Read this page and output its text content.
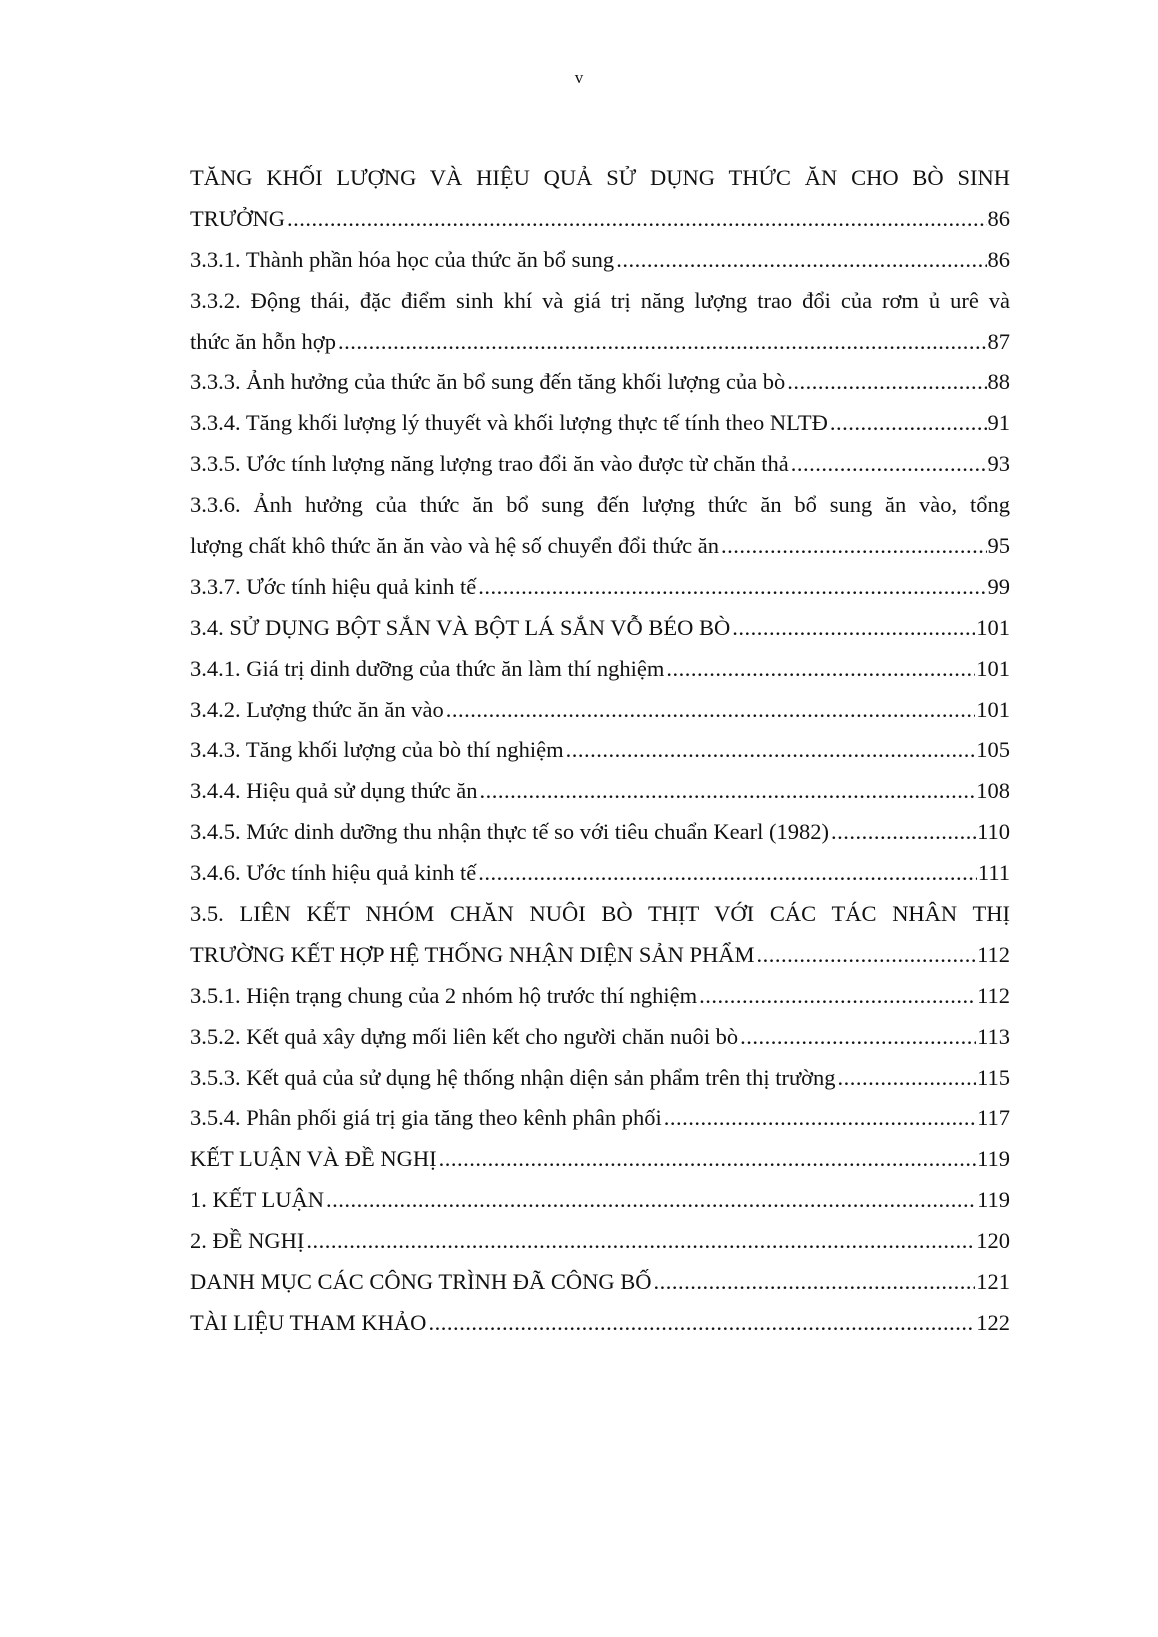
v
TĂNG KHỐI LƯỢNG VÀ HIỆU QUẢ SỬ DỤNG THỨC ĂN CHO BÒ SINH
TRƯỞNG .....	86
3.3.1. Thành phần hóa học của thức ăn bổ sung .....	86
3.3.2. Động thái, đặc điểm sinh khí và giá trị năng lượng trao đổi của rơm ủ urê và
thức ăn hỗn hợp .....	87
3.3.3. Ảnh hưởng của thức ăn bổ sung đến tăng khối lượng của bò .....	88
3.3.4. Tăng khối lượng lý thuyết và khối lượng thực tế tính theo NLTĐ .....	91
3.3.5. Ước tính lượng năng lượng trao đổi ăn vào được từ chăn thả .....	93
3.3.6. Ảnh hưởng của thức ăn bổ sung đến lượng thức ăn bổ sung ăn vào, tổng
lượng chất khô thức ăn ăn vào và hệ số chuyển đổi thức ăn .....	95
3.3.7. Ước tính hiệu quả kinh tế .....	99
3.4. SỬ DỤNG BỘT SẮN VÀ BỘT LÁ SẮN VỖ BÉO BÒ .....	101
3.4.1. Giá trị dinh dưỡng của thức ăn làm thí nghiệm .....	101
3.4.2. Lượng thức ăn ăn vào .....	101
3.4.3. Tăng khối lượng của bò thí nghiệm .....	105
3.4.4. Hiệu quả sử dụng thức ăn .....	108
3.4.5. Mức dinh dưỡng thu nhận thực tế so với tiêu chuẩn Kearl (1982) .....	110
3.4.6. Ước tính hiệu quả kinh tế .....	111
3.5. LIÊN KẾT NHÓM CHĂN NUÔI BÒ THỊT VỚI CÁC TÁC NHÂN THỊ
TRƯỜNG KẾT HỢP HỆ THỐNG NHẬN DIỆN SẢN PHẨM .....	112
3.5.1. Hiện trạng chung của 2 nhóm hộ trước thí nghiệm .....	112
3.5.2. Kết quả xây dựng mối liên kết cho người chăn nuôi bò .....	113
3.5.3. Kết quả của sử dụng hệ thống nhận diện sản phẩm trên thị trường .....	115
3.5.4. Phân phối giá trị gia tăng theo kênh phân phối .....	117
KẾT LUẬN VÀ ĐỀ NGHỊ .....	119
1. KẾT LUẬN .....	119
2. ĐỀ NGHỊ .....	120
DANH MỤC CÁC CÔNG TRÌNH ĐÃ CÔNG BỐ .....	121
TÀI LIỆU THAM KHẢO .....	122
